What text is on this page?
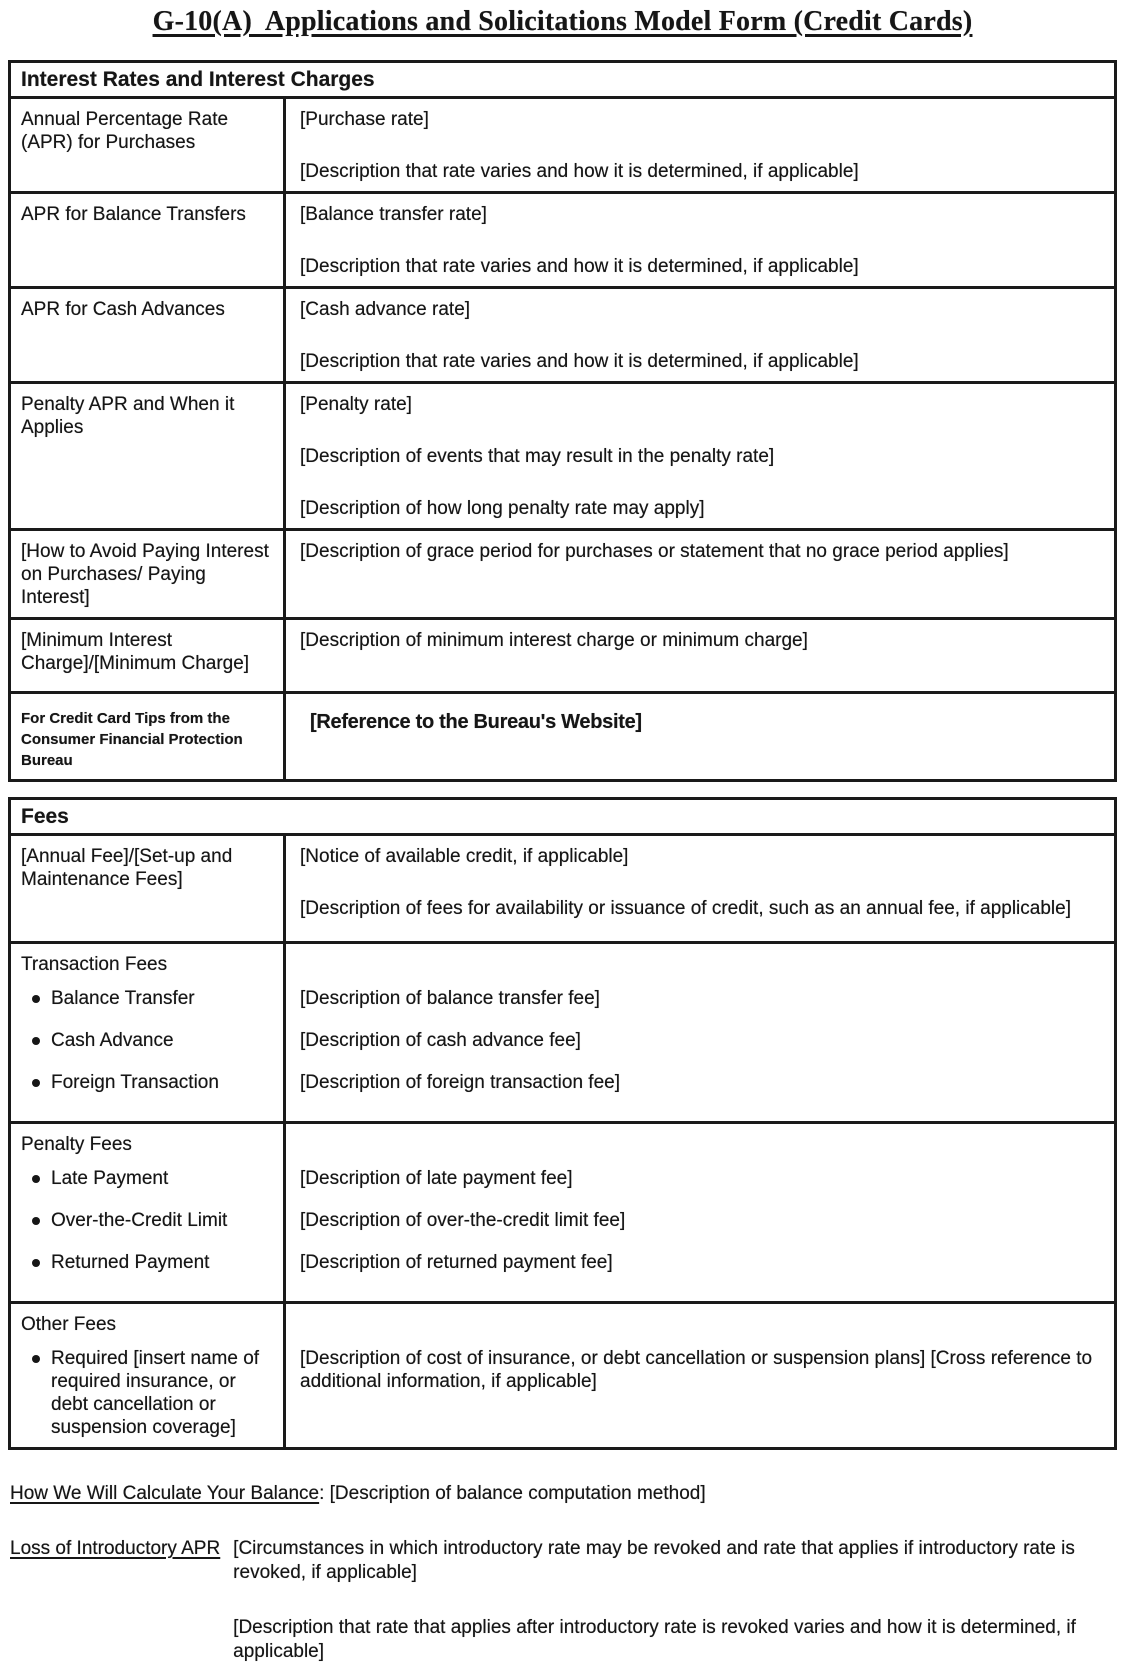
G-10(A)  Applications and Solicitations Model Form (Credit Cards)
Interest Rates and Interest Charges
Annual Percentage Rate (APR) for Purchases

[Purchase rate]

[Description that rate varies and how it is determined, if applicable]

APR for Balance Transfers	[Balance transfer rate]

[Description that rate varies and how it is determined, if applicable]

APR for Cash Advances	[Cash advance rate]

[Description that rate varies and how it is determined, if applicable]

Penalty APR and When it Applies

[Penalty rate]

[Description of events that may result in the penalty rate]

[Description of how long penalty rate may apply]

[How to Avoid Paying Interest on Purchases/ Paying Interest]

[Description of grace period for purchases or statement that no grace period applies]

[Minimum Interest Charge]/[Minimum Charge]

[Description of minimum interest charge or minimum charge]

For Credit Card Tips from the Consumer Financial Protection Bureau

[Reference to the Bureau's Website]

Fees
[Annual Fee]/[Set-up and Maintenance Fees]

[Notice of available credit, if applicable]

[Description of fees for availability or issuance of credit, such as an annual fee, if applicable]

Transaction Fees
Balance Transfer
Cash Advance
Foreign Transaction
[Description of balance transfer fee]
[Description of cash advance fee]
[Description of foreign transaction fee]
Penalty Fees
Late Payment
Over-the-Credit Limit
Returned Payment
[Description of late payment fee]
[Description of over-the-credit limit fee]
[Description of returned payment fee]
Other Fees
Required [insert name of required insurance, or debt cancellation or suspension coverage]
[Description of cost of insurance, or debt cancellation or suspension plans] [Cross reference to additional information, if applicable]
How We Will Calculate Your Balance: [Description of balance computation method]
Loss of Introductory APR [Circumstances in which introductory rate may be revoked and rate that applies if introductory rate is revoked, if applicable]

[Description that rate that applies after introductory rate is revoked varies and how it is determined, if applicable]
